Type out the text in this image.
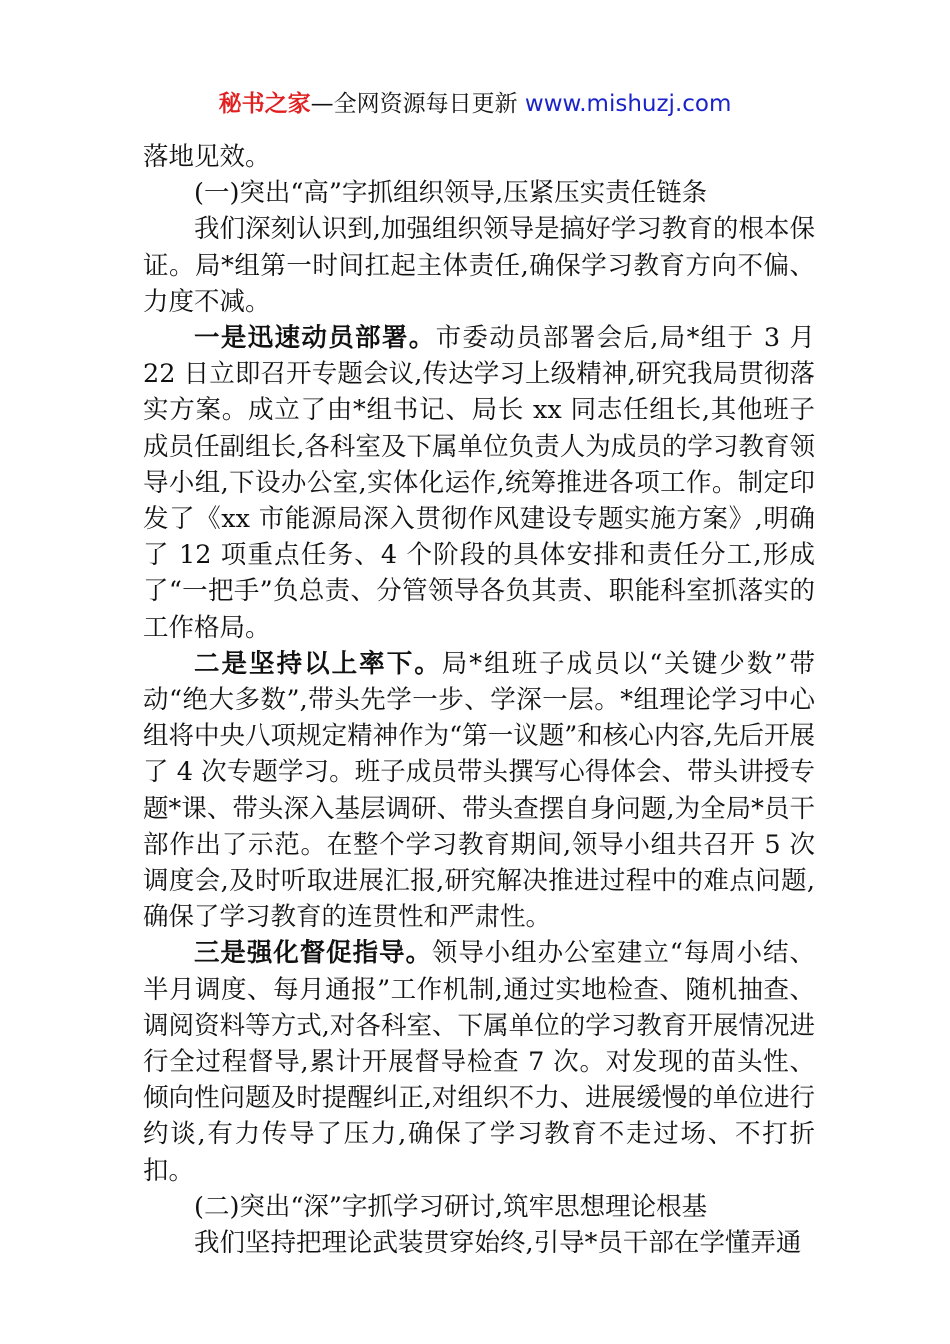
秘书之家—全网资源每日更新 www.mishuzj.com

落地见效。

(一)突出“高”字抓组织领导,压紧压实责任链条

我们深刻认识到,加强组织领导是搞好学习教育的根本保证。局*组第一时间扛起主体责任,确保学习教育方向不偏、力度不减。

一是迅速动员部署。市委动员部署会后,局*组于 3 月 22 日立即召开专题会议,传达学习上级精神,研究我局贯彻落实方案。成立了由*组书记、局长 xx 同志任组长,其他班子成员任副组长,各科室及下属单位负责人为成员的学习教育领导小组,下设办公室,实体化运作,统筹推进各项工作。制定印发了《xx 市能源局深入贯彻作风建设专题实施方案》,明确了 12 项重点任务、4 个阶段的具体安排和责任分工,形成了“一把手”负总责、分管领导各负其责、职能科室抓落实的工作格局。

二是坚持以上率下。局*组班子成员以“关键少数”带动“绝大多数”,带头先学一步、学深一层。*组理论学习中心组将中央八项规定精神作为“第一议题”和核心内容,先后开展了 4 次专题学习。班子成员带头撰写心得体会、带头讲授专题*课、带头深入基层调研、带头查摆自身问题,为全局*员干部作出了示范。在整个学习教育期间,领导小组共召开 5 次调度会,及时听取进展汇报,研究解决推进过程中的难点问题,确保了学习教育的连贯性和严肃性。

三是强化督促指导。领导小组办公室建立“每周小结、半月调度、每月通报”工作机制,通过实地检查、随机抽查、调阅资料等方式,对各科室、下属单位的学习教育开展情况进行全过程督导,累计开展督导检查 7 次。对发现的苗头性、倾向性问题及时提醒纠正,对组织不力、进展缓慢的单位进行约谈,有力传导了压力,确保了学习教育不走过场、不打折扣。

(二)突出“深”字抓学习研讨,筑牢思想理论根基

我们坚持把理论武装贯穿始终,引导*员干部在学懂弄通
